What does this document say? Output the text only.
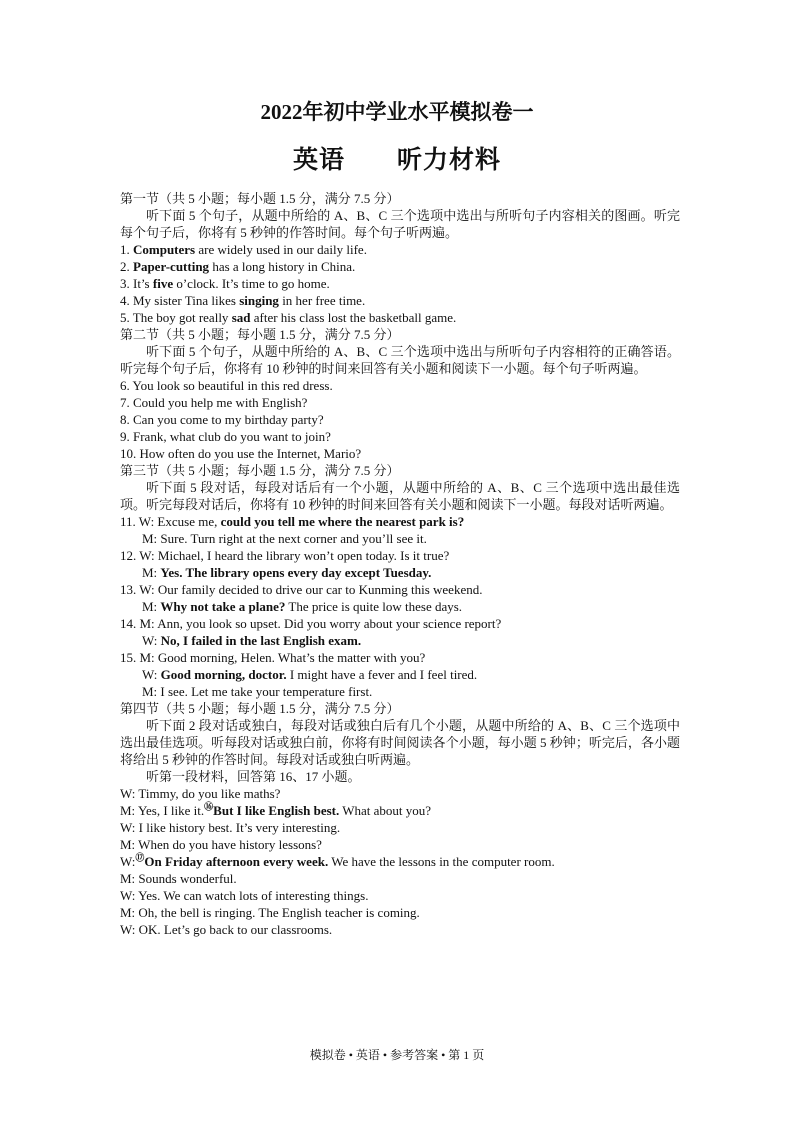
2022年初中学业水平模拟卷一
英语 听力材料
第一节（共 5 小题；每小题 1.5 分，满分 7.5 分）
听下面 5 个句子，从题中所给的 A、B、C 三个选项中选出与所听句子内容相关的图画。听完每个句子后，你将有 5 秒钟的作答时间。每个句子听两遍。
1. Computers are widely used in our daily life.
2. Paper-cutting has a long history in China.
3. It’s five o’clock. It’s time to go home.
4. My sister Tina likes singing in her free time.
5. The boy got really sad after his class lost the basketball game.
第二节（共 5 小题；每小题 1.5 分，满分 7.5 分）
听下面 5 个句子，从题中所给的 A、B、C 三个选项中选出与所听句子内容相符的正确答语。听完每个句子后，你将有 10 秒钟的时间来回答有关小题和阅读下一小题。每个句子听两遍。
6. You look so beautiful in this red dress.
7. Could you help me with English?
8. Can you come to my birthday party?
9. Frank, what club do you want to join?
10. How often do you use the Internet, Mario?
第三节（共 5 小题；每小题 1.5 分，满分 7.5 分）
听下面 5 段对话，每段对话后有一个小题，从题中所给的 A、B、C 三个选项中选出最佳选项。听完每段对话后，你将有 10 秒钟的时间来回答有关小题和阅读下一小题。每段对话听两遍。
11. W: Excuse me, could you tell me where the nearest park is?
M: Sure. Turn right at the next corner and you’ll see it.
12. W: Michael, I heard the library won’t open today. Is it true?
M: Yes. The library opens every day except Tuesday.
13. W: Our family decided to drive our car to Kunming this weekend.
M: Why not take a plane? The price is quite low these days.
14. M: Ann, you look so upset. Did you worry about your science report?
W: No, I failed in the last English exam.
15. M: Good morning, Helen. What’s the matter with you?
W: Good morning, doctor. I might have a fever and I feel tired.
M: I see. Let me take your temperature first.
第四节（共 5 小题；每小题 1.5 分，满分 7.5 分）
听下面 2 段对话或独白，每段对话或独白后有几个小题，从题中所给的 A、B、C 三个选项中选出最佳选项。听每段对话或独白前，你将有时间阅读各个小题，每小题 5 秒钟；听完后，各小题将给出 5 秒钟的作答时间。每段对话或独白听两遍。
听第一段材料，回答第 16、17 小题。
W: Timmy, do you like maths?
M: Yes, I like it.⑯But I like English best. What about you?
W: I like history best. It’s very interesting.
M: When do you have history lessons?
W:⑰On Friday afternoon every week. We have the lessons in the computer room.
M: Sounds wonderful.
W: Yes. We can watch lots of interesting things.
M: Oh, the bell is ringing. The English teacher is coming.
W: OK. Let’s go back to our classrooms.
模拟卷 • 英语 • 参考答案 • 第 1 页
